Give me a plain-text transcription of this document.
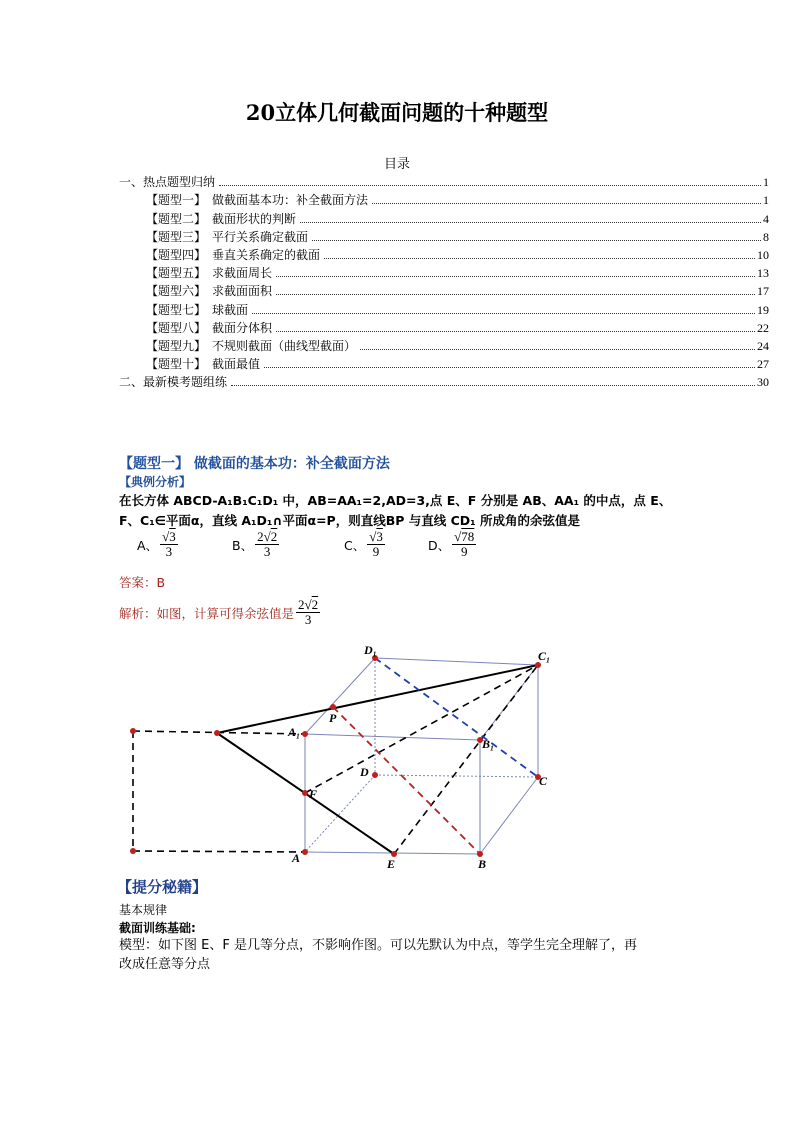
20立体几何截面问题的十种题型
目录
一、热点题型归纳	1
【题型一】 做截面基本功：补全截面方法	1
【题型二】 截面形状的判断	4
【题型三】 平行关系确定截面	8
【题型四】 垂直关系确定的截面	10
【题型五】 求截面周长	13
【题型六】 求截面面积	17
【题型七】 球截面	19
【题型八】 截面分体积	22
【题型九】 不规则截面（曲线型截面）	24
【题型十】 截面最值	27
二、最新模考题组练	30
【题型一】 做截面的基本功：补全截面方法
【典例分析】
在长方体 ABCD-A₁B₁C₁D₁ 中，AB=AA₁=2,AD=3,点 E、F 分别是 AB、AA₁ 的中点，点 E、
F、C₁∈平面α，直线 A₁D₁∩平面α=P，则直线BP 与直线 CD₁ 所成角的余弦值是
A、 $\frac{√3}{3}$	B、 $\frac{2√2}{3}$	C、 $\frac{√3}{9}$	D、 $\frac{√78}{9}$
答案：B
解析：如图，计算可得余弦值是 $\frac{2√2}{3}$
D₁	C₁
A₁
P
B₁
D
C
F
A	E	B
【提分秘籍】
基本规律
截面训练基础:
模型：如下图 E、F 是几等分点，不影响作图。可以先默认为中点，等学生完全理解了，再
改成任意等分点
